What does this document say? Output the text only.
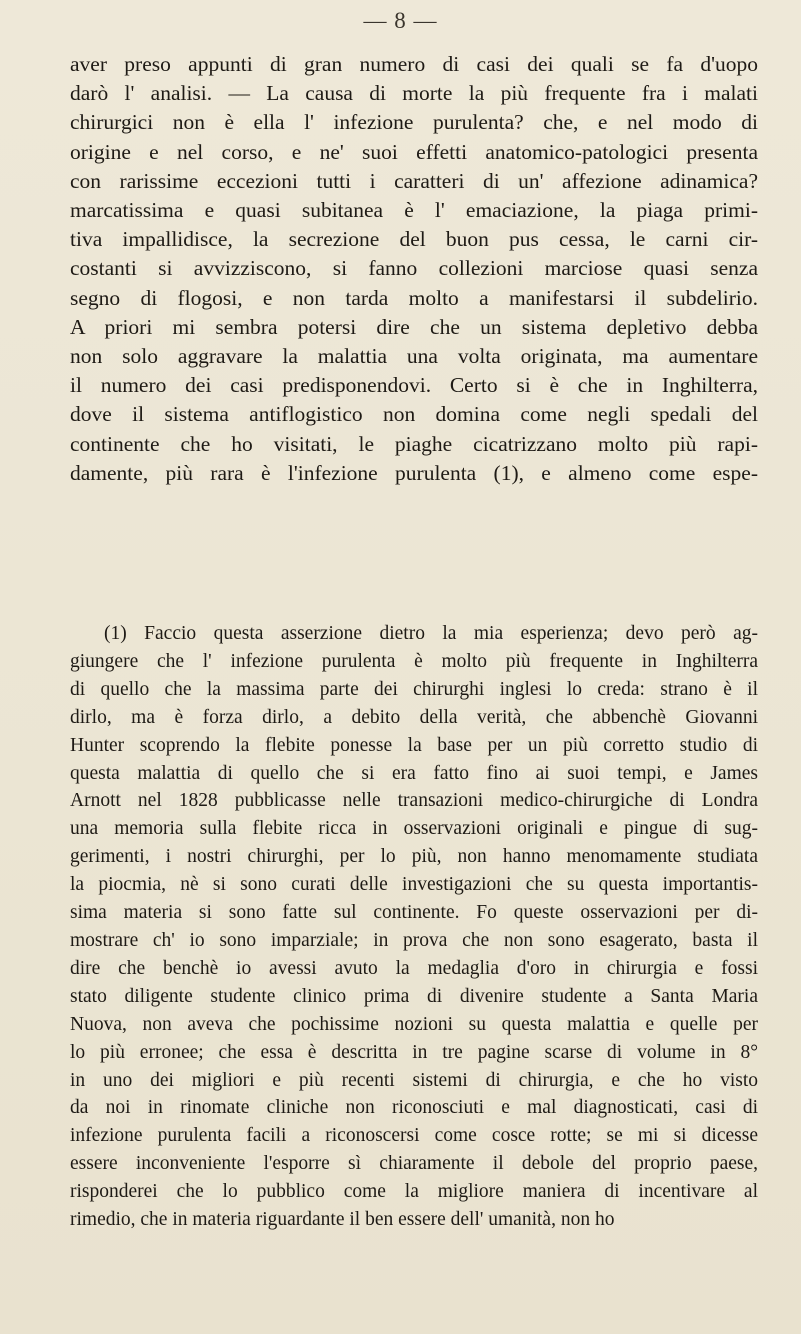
— 8 —
aver preso appunti di gran numero di casi dei quali se fa d'uopo
darò l' analisi. — La causa di morte la più frequente fra i malati
chirurgici non è ella l' infezione purulenta? che, e nel modo di
origine e nel corso, e ne' suoi effetti anatomico-patologici presenta
con rarissime eccezioni tutti i caratteri di un' affezione adinamica?
marcatissima e quasi subitanea è l' emaciazione, la piaga primi-
tiva impallidisce, la secrezione del buon pus cessa, le carni cir-
costanti si avvizziscono, si fanno collezioni marciose quasi senza
segno di flogosi, e non tarda molto a manifestarsi il subdelirio.
A priori mi sembra potersi dire che un sistema depletivo debba
non solo aggravare la malattia una volta originata, ma aumentare
il numero dei casi predisponendovi. Certo si è che in Inghilterra,
dove il sistema antiflogistico non domina come negli spedali del
continente che ho visitati, le piaghe cicatrizzano molto più rapi-
damente, più rara è l'infezione purulenta (1), e almeno come espe-
(1) Faccio questa asserzione dietro la mia esperienza; devo però ag-
giungere che l' infezione purulenta è molto più frequente in Inghilterra
di quello che la massima parte dei chirurghi inglesi lo creda: strano è il
dirlo, ma è forza dirlo, a debito della verità, che abbenchè Giovanni
Hunter scoprendo la flebite ponesse la base per un più corretto studio di
questa malattia di quello che si era fatto fino ai suoi tempi, e James
Arnott nel 1828 pubblicasse nelle transazioni medico-chirurgiche di Londra
una memoria sulla flebite ricca in osservazioni originali e pingue di sug-
gerimenti, i nostri chirurghi, per lo più, non hanno menomamente studiata
la piocmia, nè si sono curati delle investigazioni che su questa importantis-
sima materia si sono fatte sul continente. Fo queste osservazioni per di-
mostrare ch' io sono imparziale; in prova che non sono esagerato, basta il
dire che benchè io avessi avuto la medaglia d'oro in chirurgia e fossi
stato diligente studente clinico prima di divenire studente a Santa Maria
Nuova, non aveva che pochissime nozioni su questa malattia e quelle per
lo più erronee; che essa è descritta in tre pagine scarse di volume in 8°
in uno dei migliori e più recenti sistemi di chirurgia, e che ho visto
da noi in rinomate cliniche non riconosciuti e mal diagnosticati, casi di
infezione purulenta facili a riconoscersi come cosce rotte; se mi si dicesse
essere inconveniente l'esporre sì chiaramente il debole del proprio paese,
risponderei che lo pubblico come la migliore maniera di incentivare al
rimedio, che in materia riguardante il ben essere dell' umanità, non ho
